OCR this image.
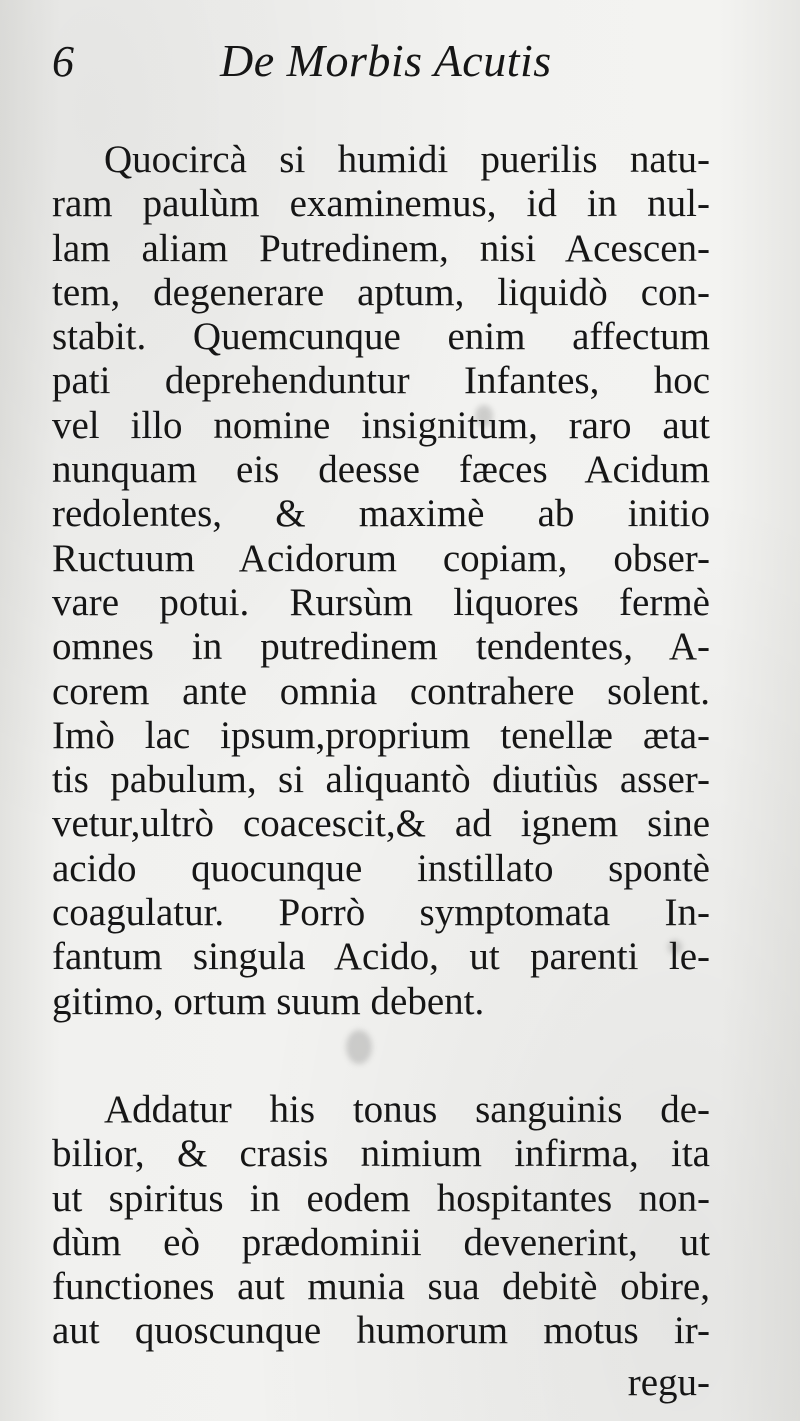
6	De Morbis Acutis
Quocircà si humidi puerilis natu-
ram paulùm examinemus, id in nul-
lam aliam Putredinem, nisi Acescen-
tem, degenerare aptum, liquidò con-
stabit. Quemcunque enim affectum
pati deprehenduntur Infantes, hoc
vel illo nomine insignitum, raro aut
nunquam eis deesse fæces Acidum
redolentes, & maximè ab initio
Ructuum Acidorum copiam, obser-
vare potui. Rursùm liquores fermè
omnes in putredinem tendentes, A-
corem ante omnia contrahere solent.
Imò lac ipsum,proprium tenellæ æta-
tis pabulum, si aliquantò diutiùs asser-
vetur,ultrò coacescit,& ad ignem sine
acido quocunque instillato spontè
coagulatur. Porrò symptomata In-
fantum singula Acido, ut parenti le-
gitimo, ortum suum debent.
Addatur his tonus sanguinis de-
bilior, & crasis nimium infirma, ita
ut spiritus in eodem hospitantes non-
dùm eò prædominii devenerint, ut
functiones aut munia sua debitè obire,
aut quoscunque humorum motus ir-
regu-
